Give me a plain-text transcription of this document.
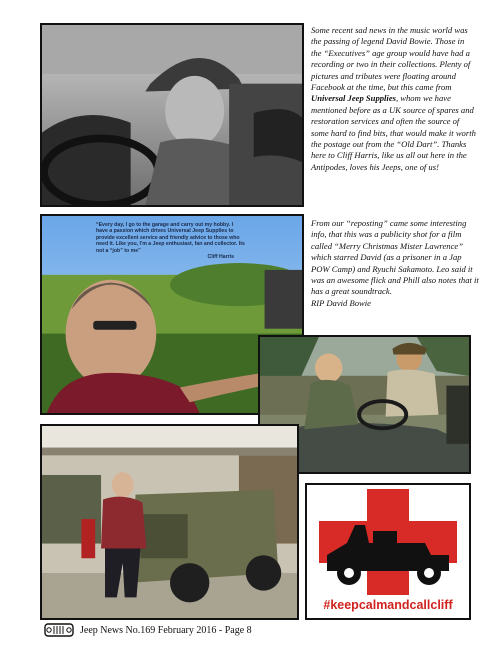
“Every day, I go to the garage and carry out my hobby. I have a passion which drives Universal Jeep Supplies to provide excellent service and friendly advice to those who need it. Like you, I'm a Jeep enthusiast, fan and collector. Its not a “job” to me”
Cliff Harris
#keepcalmandcallcliff

Some recent sad news in the music world was the passing of legend David Bowie. Those in the “Executives” age group would have had a recording or two in their collections. Plenty of pictures and tributes were floating around Facebook at the time, but this came from Universal Jeep Supplies, whom we have mentioned before as a UK source of spares and restoration services and often the source of some hard to find bits, that would make it worth the postage out from the “Old Dart”. Thanks here to Cliff Harris, like us all out here in the Antipodes, loves his Jeeps, one of us!

From our “reposting” came some interesting info, that this was a publicity shot for a film called “Merry Christmas Mister Lawrence” which starred David (as a prisoner in a Jap POW Camp) and Ryuchi Sakamoto. Leo said it was an awesome flick and Phill also notes that it has a great soundtrack.

RIP David Bowie

Jeep News No.169 February 2016 - Page 8
